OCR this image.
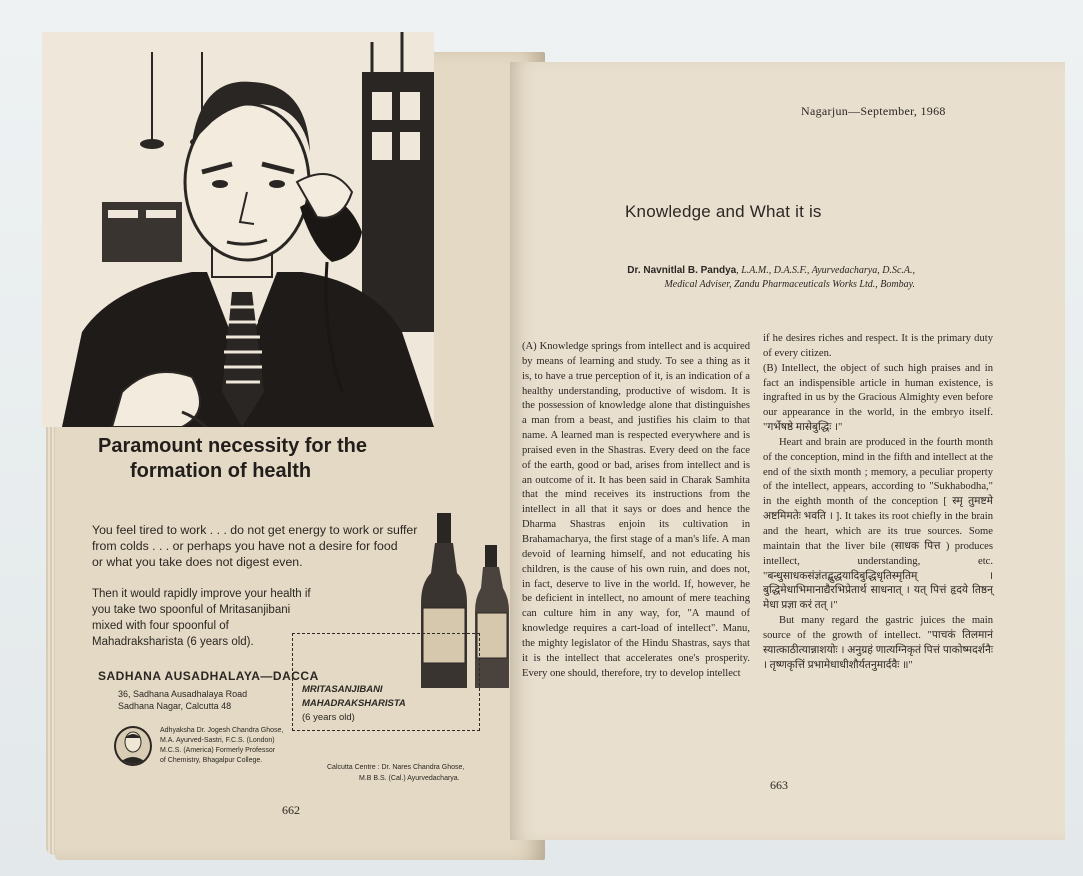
Paramount necessity for the
formation of health
You feel tired to work . . . do not get energy to work or suffer
from colds . . . or perhaps you have not a desire for food
or what you take does not digest even.
Then it would rapidly improve your health if
you take two spoonful of Mritasanjibani
mixed with four spoonful of
Mahadraksharista (6 years old).
SADHANA AUSADHALAYA—DACCA
36, Sadhana Ausadhalaya Road
Sadhana Nagar, Calcutta 48
MRITASANJIBANI
MAHADRAKSHARISTA
(6 years old)
Adhyaksha Dr. Jogesh Chandra Ghose,
M.A. Ayurved-Sastri, F.C.S. (London)
M.C.S. (America) Formerly Professor
of Chemistry, Bhagalpur College.
Calcutta Centre : Dr. Nares Chandra Ghose,
M.B B.S. (Cal.) Ayurvedacharya.
662
Nagarjun—September, 1968
Knowledge and What it is
Dr. Navnitlal B. Pandya, L.A.M., D.A.S.F., Ayurvedacharya, D.Sc.A.,
Medical Adviser, Zandu Pharmaceuticals Works Ltd., Bombay.

(A) Knowledge springs from intellect and is acquired by means of learning and study. To see a thing as it is, to have a true perception of it, is an indication of a healthy understanding, productive of wisdom. It is the possession of knowledge alone that distinguishes a man from a beast, and justifies his claim to that name. A learned man is respected everywhere and is praised even in the Shastras. Every deed on the face of the earth, good or bad, arises from intellect and is an outcome of it. It has been said in Charak Samhita that the mind receives its instructions from the intellect in all that it says or does and hence the Dharma Shastras enjoin its cultivation in Brahamacharya, the first stage of a man's life. A man devoid of learning himself, and not educating his children, is the cause of his own ruin, and does not, in fact, deserve to live in the world. If, however, he be deficient in intellect, no amount of mere teaching can culture him in any way, for, "A maund of knowledge requires a cart-load of intellect". Manu, the mighty legislator of the Hindu Shastras, says that it is the intellect that accelerates one's prosperity. Every one should, therefore, try to develop intellect

if he desires riches and respect. It is the primary duty of every citizen.

(B) Intellect, the object of such high praises and in fact an indispensible article in human existence, is ingrafted in us by the Gracious Almighty even before our appearance in the world, in the embryo itself. "गर्भेषष्ठे मासेबुद्धिः ।"

Heart and brain are produced in the fourth month of the conception, mind in the fifth and intellect at the end of the sixth month ; memory, a peculiar property of the intellect, appears, according to "Sukhabodha," in the eighth month of the conception [ स्मृ तुमष्टमे अष्टमिमतेः भवति । ]. It takes its root chiefly in the brain and the heart, which are its true sources. Some maintain that the liver bile (साधक पित्त ) produces intellect, understanding, etc. "बन्धुसाधकसंज्ञंतद्बुद्धयादिबुद्धिधृतिस्मृतिम् । बुद्धिमेधाभिमानाद्यैरभिप्रेतार्थ साधनात् । यत् पित्तं हृदये तिष्ठन् मेधा प्रज्ञा करं तत् ।"

But many regard the gastric juices the main source of the growth of intellect. "पाचकं तिलमानं स्यात्काठीत्यान्नाशयोः । अनुग्रहं णात्यग्निकृतं पित्तं पाकोष्मदर्शनैः । तृष्णकृत्तिं प्रभामेधाधीशौर्यतनुमार्दवैः ॥"

663
